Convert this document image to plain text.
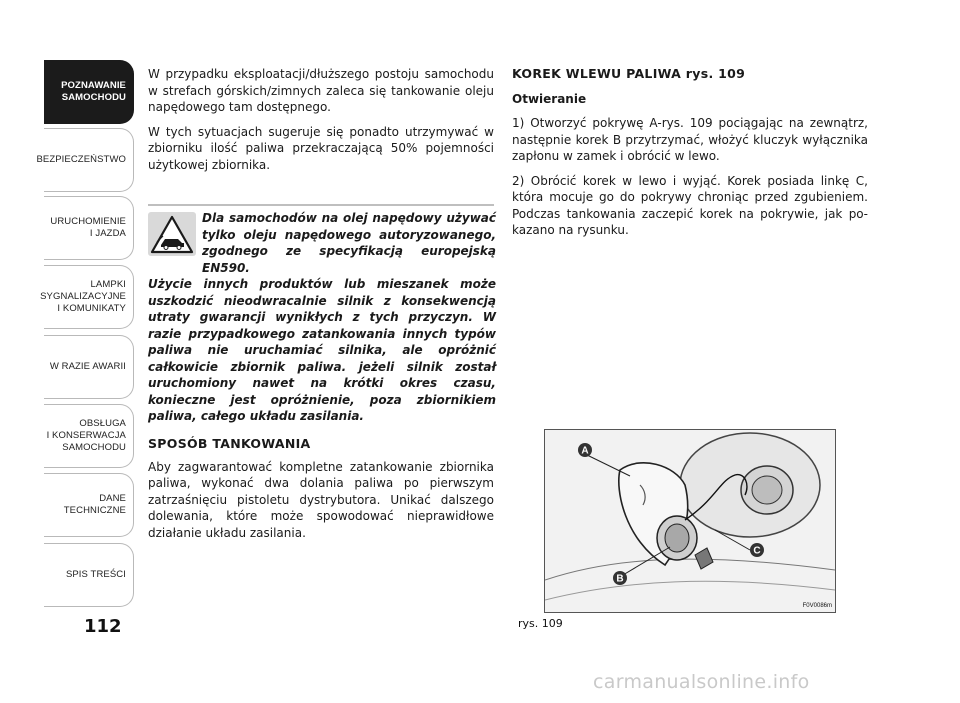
POZNAWANIE
SAMOCHODU
BEZPIECZEŃSTWO
URUCHOMIENIE
I JAZDA
LAMPKI
SYGNALIZACYJNE
I KOMUNIKATY
W RAZIE AWARII
OBSŁUGA
I KONSERWACJA
SAMOCHODU
DANE
TECHNICZNE
SPIS TREŚCI
112

W przypadku eksploatacji/dłuższego postoju samochodu w strefach górskich/zimnych zaleca się tankowanie oleju napędowego tam dostępnego.

W tych sytuacjach sugeruje się ponadto utrzymywać w zbiorniku ilość paliwa przekraczającą 50% pojemności użytkowej zbiornika.

Dla samochodów na olej napędowy używać tylko oleju napędowego autoryzowanego, zgodnego ze specyfikacją europejską EN590.
Użycie innych produktów lub mieszanek może uszkodzić nieodwracalnie silnik z konsekwencją utraty gwarancji wynikłych z tych przyczyn. W razie przypadkowego zatankowania innych typów paliwa nie uruchamiać silnika, ale opróżnić całkowicie zbiornik paliwa. jeżeli silnik został uruchomiony nawet na krótki okres czasu, konieczne jest opróżnienie, poza zbiornikiem paliwa, całego układu zasilania.

SPOSÓB TANKOWANIA

Aby zagwarantować kompletne zatankowanie zbiornika paliwa, wykonać dwa dolania paliwa po pierwszym zatrzaśnięciu pistoletu dystrybutora. Unikać dalszego dolewania, które może spowodować nieprawidłowe działanie układu zasilania.

KOREK WLEWU PALIWA rys. 109

Otwieranie

1) Otworzyć pokrywę A-rys. 109 pociągając na zewnątrz, następnie korek B przytrzymać, włożyć kluczyk wyłącznika zapłonu w zamek i obrócić w lewo.

2) Obrócić korek w lewo i wyjąć. Korek posiada linkę C, która mocuje go do pokrywy chroniąc przed zgubieniem. Podczas tankowania zaczepić korek na pokrywie, jak pokazano na rysunku.

A
B
C
F0V0086m
rys. 109
carmanualsonline.info
